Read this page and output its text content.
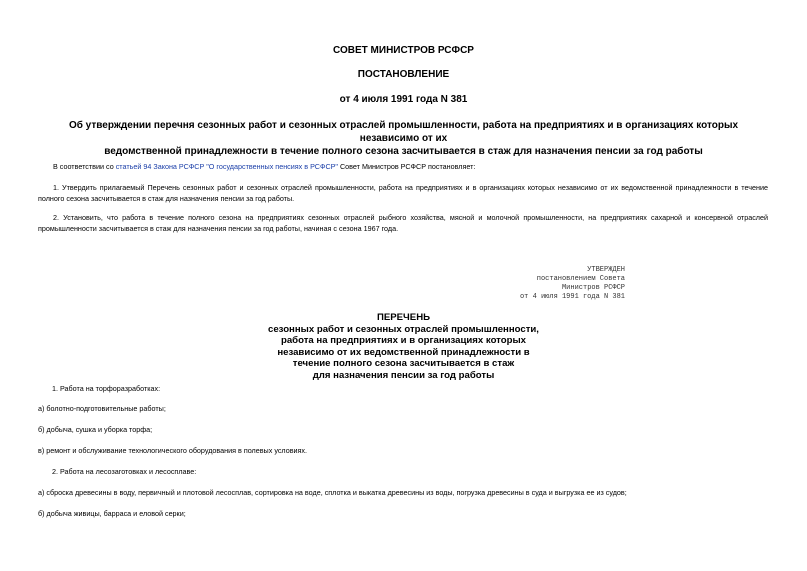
СОВЕТ МИНИСТРОВ РСФСР
ПОСТАНОВЛЕНИЕ
от 4 июля 1991 года N 381
Об утверждении перечня сезонных работ и сезонных отраслей промышленности, работа на предприятиях и в организациях которых независимо от их
ведомственной принадлежности в течение полного сезона засчитывается в стаж для назначения пенсии за год работы
В соответствии со статьей 94 Закона РСФСР "О государственных пенсиях в РСФСР" Совет Министров РСФСР постановляет:
1. Утвердить прилагаемый Перечень сезонных работ и сезонных отраслей промышленности, работа на предприятиях и в организациях которых независимо от их ведомственной принадлежности в течение полного сезона засчитывается в стаж для назначения пенсии за год работы.
2. Установить, что работа в течение полного сезона на предприятиях сезонных отраслей рыбного хозяйства, мясной и молочной промышленности, на предприятиях сахарной и консервной отраслей промышленности засчитывается в стаж для назначения пенсии за год работы, начиная с сезона 1967 года.
УТВЕРЖДЕН
постановлением Совета
Министров РСФСР
от 4 июля 1991 года N 381
ПЕРЕЧЕНЬ
сезонных работ и сезонных отраслей промышленности,
работа на предприятиях и в организациях которых
независимо от их ведомственной принадлежности в
течение полного сезона засчитывается в стаж
для назначения пенсии за год работы
1. Работа на торфоразработках:
а) болотно-подготовительные работы;
б) добыча, сушка и уборка торфа;
в) ремонт и обслуживание технологического оборудования в полевых условиях.
2. Работа на лесозаготовках и лесосплаве:
а) сброска древесины в воду, первичный и плотовой лесосплав, сортировка на воде, сплотка и выкатка древесины из воды, погрузка древесины в суда и выгрузка ее из судов;
б) добыча живицы, барраса и еловой серки;
